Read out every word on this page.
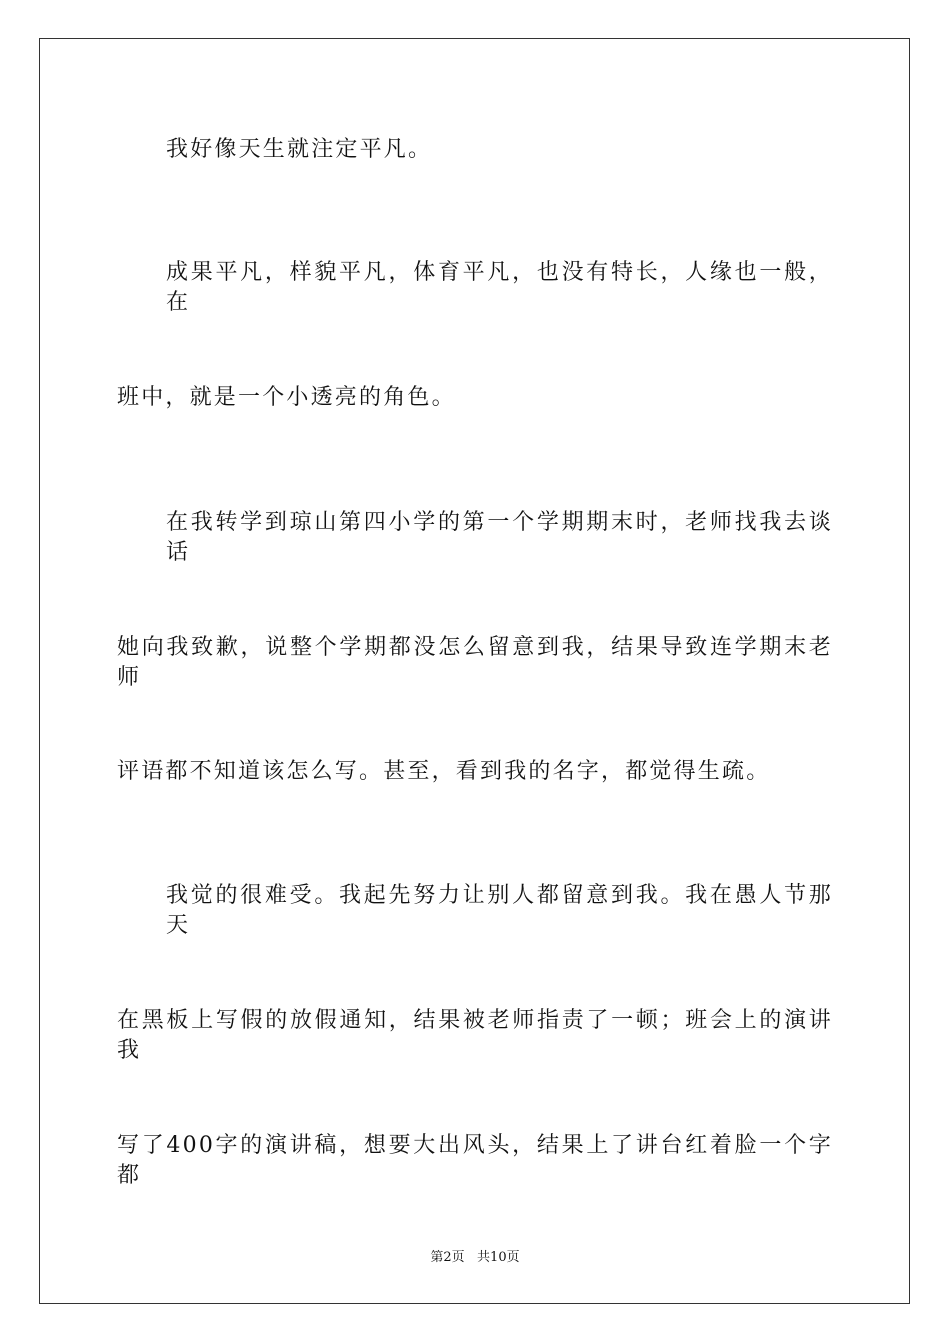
我好像天生就注定平凡。
成果平凡，样貌平凡，体育平凡，也没有特长，人缘也一般，在
班中，就是一个小透亮的角色。
在我转学到琼山第四小学的第一个学期期末时，老师找我去谈话
她向我致歉，说整个学期都没怎么留意到我，结果导致连学期末老师
评语都不知道该怎么写。甚至，看到我的名字，都觉得生疏。
我觉的很难受。我起先努力让别人都留意到我。我在愚人节那天
在黑板上写假的放假通知，结果被老师指责了一顿；班会上的演讲我
写了400字的演讲稿，想要大出风头，结果上了讲台红着脸一个字都
第2页   共10页
